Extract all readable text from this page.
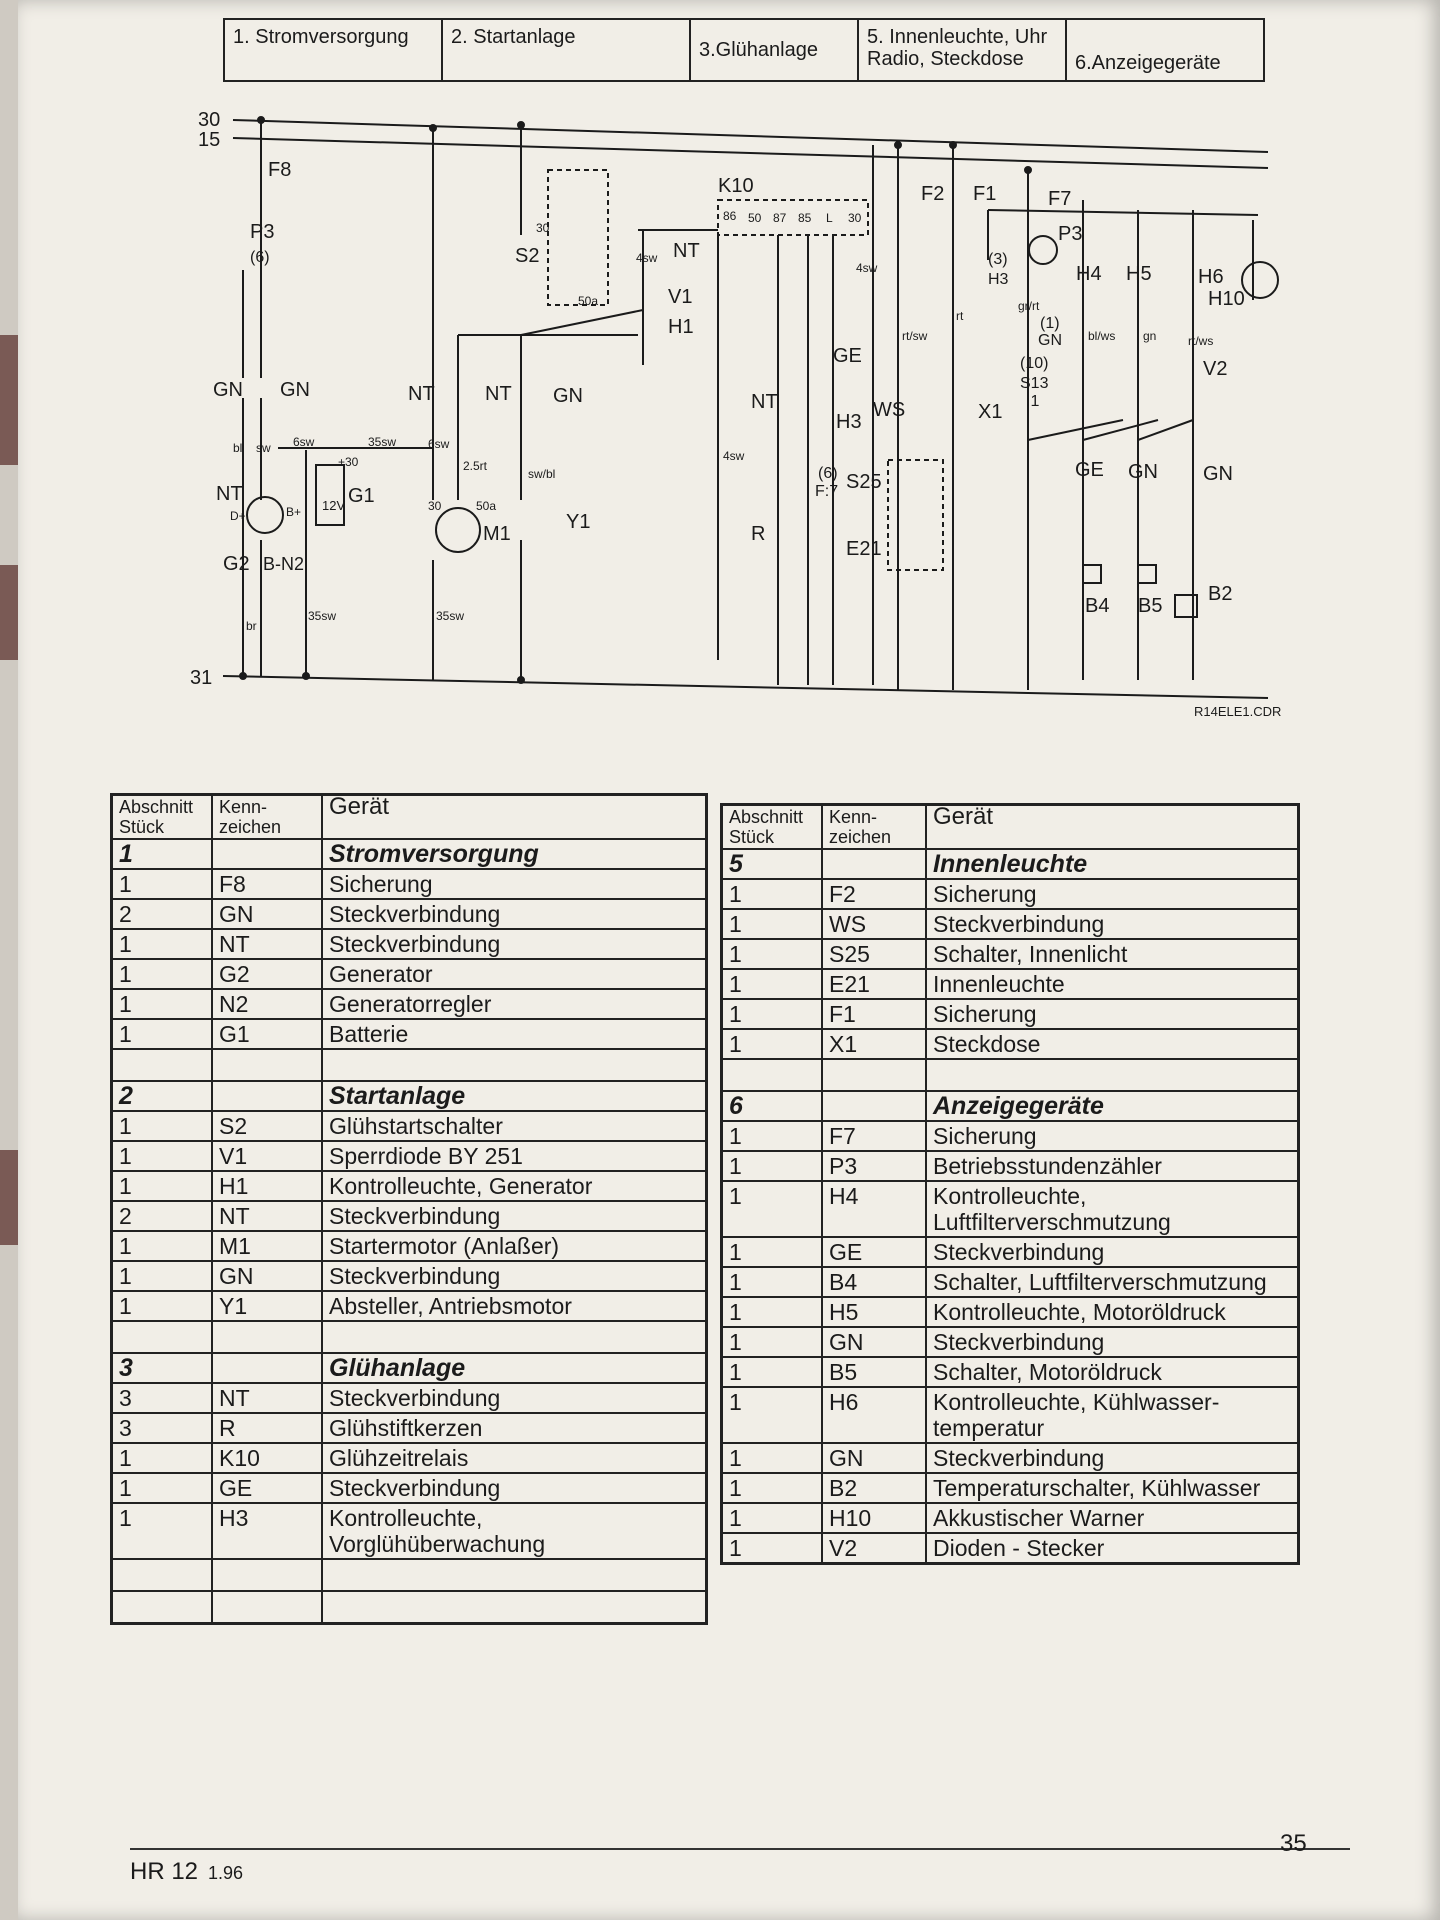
1. Stromversorgung	2. Startanlage	3.Glühanlage	5. Innenleuchte, Uhr Radio, Steckdose	6.Anzeigegeräte
30
15
31
F8
P3
(6)
GN GN
NT
G2 B-N2
G1
12V
M1
NT	NT GN
Y1
S2
K10
NT
V1
H1
GE
H3
NT
R
F2 F1
WS	X1
S25
(6)
F:7
E21
F7
P3
(3)
H3	H4 H5 H6
H10
GN
(1)
(10)
S13
:1
V2
GE GN GN
B4 B5
B2
6sw	35sw
+30
6sw
2.5rt
35sw	35sw
30	50a
4sw
sw/bl
br
bl sw
rt/sw
rt
bl/ws gn	rt/ws
gr/rt
D+	B+
30
50a
86 50 87 85 L 30
4sw
4sw
R14ELE1.CDR
Abschnitt Stück	Kenn-zeichen	Gerät
1		Stromversorgung
1	F8	Sicherung
2	GN	Steckverbindung
1	NT	Steckverbindung
1	G2	Generator
1	N2	Generatorregler
1	G1	Batterie

2		Startanlage
1	S2	Glühstartschalter
1	V1	Sperrdiode BY 251
1	H1	Kontrolleuchte, Generator
2	NT	Steckverbindung
1	M1	Startermotor (Anlaßer)
1	GN	Steckverbindung
1	Y1	Absteller, Antriebsmotor

3		Glühanlage
3	NT	Steckverbindung
3	R	Glühstiftkerzen
1	K10	Glühzeitrelais
1	GE	Steckverbindung
1	H3	Kontrolleuchte, Vorglühüberwachung

Abschnitt Stück	Kenn-zeichen	Gerät
5		Innenleuchte
1	F2	Sicherung
1	WS	Steckverbindung
1	S25	Schalter, Innenlicht
1	E21	Innenleuchte
1	F1	Sicherung
1	X1	Steckdose

6		Anzeigegeräte
1	F7	Sicherung
1	P3	Betriebsstundenzähler
1	H4	Kontrolleuchte, Luftfilterverschmutzung
1	GE	Steckverbindung
1	B4	Schalter, Luftfilterverschmutzung
1	H5	Kontrolleuchte, Motoröldruck
1	GN	Steckverbindung
1	B5	Schalter, Motoröldruck
1	H6	Kontrolleuchte, Kühlwasser-temperatur
1	GN	Steckverbindung
1	B2	Temperaturschalter, Kühlwasser
1	H10	Akkustischer Warner
1	V2	Dioden - Stecker
HR 12 1.96
35
